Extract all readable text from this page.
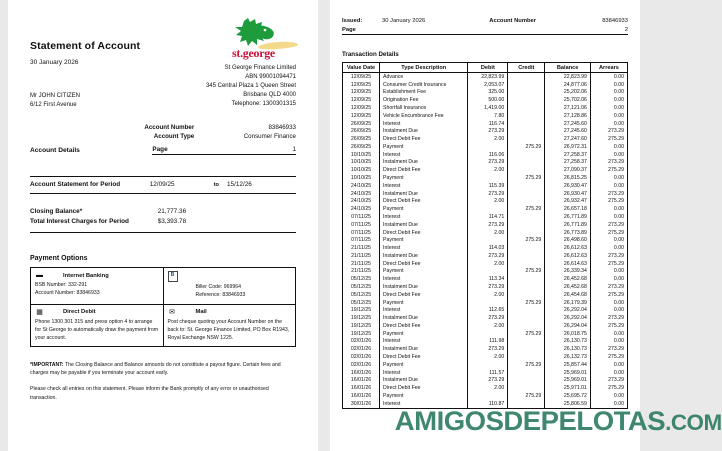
st.george
Statement of Account
30 January 2026
Mr JOHN CITIZEN
6/12 First Avenue
St George Finance Limited
ABN 99001094471
345 Central Plaza 1 Queen Street
Brisbane QLD 4000
Telephone: 1300301315
Account Number	83846933
Account Type	Consumer Finance
Page	1
Account Details
Account Statement for Period	12/09/25	to	15/12/26
Closing Balance*	21,777.36
Total Interest Charges for Period	$3,393.78
Payment Options
▬	Internet Banking
BSB Number: 332-291
Account Number: 83846933

B
Biller Code: 969964
Reference: 83846933

▦	Direct Debit
Phone 1300 301 315 and press option 4 to arrange for St George to automatically draw the payment from your account.

✉	Mail
Post cheque quoting your Account Number on the back to: St. George Finance Limited, PO Box R1943, Royal Exchange NSW 1225.

*IMPORTANT: The Closing Balance and Balance amounts do not constitute a payout figure. Certain fees and charges may be payable if you terminate your account early.

Please check all entries on this statement. Please inform the Bank promptly of any error or unauthorised transaction.

Issued:	30 January 2026	Account Number	83846933
Page	2
Transaction Details
Value Date	Type Description	Debit	Credit	Balance	Arrears
12/09/25	Advance	22,823.99		22,823.99	0.00
12/09/25	Consumer Credit Insurance	2,053.07		24,877.06	0.00
12/09/25	Establishment Fee	325.00		25,202.06	0.00
12/09/25	Origination Fee	500.00		25,702.06	0.00
12/09/25	Shortfall Insurance	1,419.00		27,121.06	0.00
12/09/25	Vehicle Encumbrance Fee	7.80		27,128.86	0.00
26/09/25	Interest	116.74		27,245.60	0.00
26/09/25	Instalment Due	273.29		27,245.60	273.29
26/09/25	Direct Debit Fee	2.00		27,247.60	275.29
26/09/25	Payment		275.29	26,972.31	0.00
10/10/25	Interest	116.06		27,258.37	0.00
10/10/25	Instalment Due	273.29		27,258.37	273.29
10/10/25	Direct Debit Fee	2.00		27,090.37	275.29
10/10/25	Payment		275.29	26,815.25	0.00
24/10/25	Interest	115.39		26,930.47	0.00
24/10/25	Instalment Due	273.29		26,930.47	273.29
24/10/25	Direct Debit Fee	2.00		26,932.47	275.29
24/10/25	Payment		275.29	26,657.18	0.00
07/11/25	Interest	114.71		26,771.89	0.00
07/11/25	Instalment Due	273.29		26,771.89	273.29
07/11/25	Direct Debit Fee	2.00		26,773.89	275.29
07/11/25	Payment		275.29	26,498.60	0.00
21/11/25	Interest	114.03		26,612.63	0.00
21/11/25	Instalment Due	273.29		26,612.63	273.29
21/11/25	Direct Debit Fee	2.00		26,614.63	275.29
21/11/25	Payment		275.29	26,339.34	0.00
05/12/25	Interest	113.34		26,452.68	0.00
05/12/25	Instalment Due	273.29		26,452.68	273.29
05/12/25	Direct Debit Fee	2.00		26,454.68	275.29
05/12/25	Payment		275.29	26,179.39	0.00
19/12/25	Interest	112.65		26,292.04	0.00
19/12/25	Instalment Due	273.29		26,292.04	273.29
19/12/25	Direct Debit Fee	2.00		26,294.04	275.29
19/12/25	Payment		275.29	26,018.75	0.00
02/01/26	Interest	111.98		26,130.73	0.00
02/01/26	Instalment Due	273.29		26,130.73	273.29
02/01/26	Direct Debit Fee	2.00		26,132.73	275.29
02/01/26	Payment		275.29	25,857.44	0.00
16/01/26	Interest	111.57		25,969.01	0.00
16/01/26	Instalment Due	273.29		25,969.01	273.29
16/01/26	Direct Debit Fee	2.00		25,971.01	275.29
16/01/26	Payment		275.29	25,695.72	0.00
30/01/26	Interest	110.87		25,806.59	0.00
AMIGOSDEPELOTAS.COM
